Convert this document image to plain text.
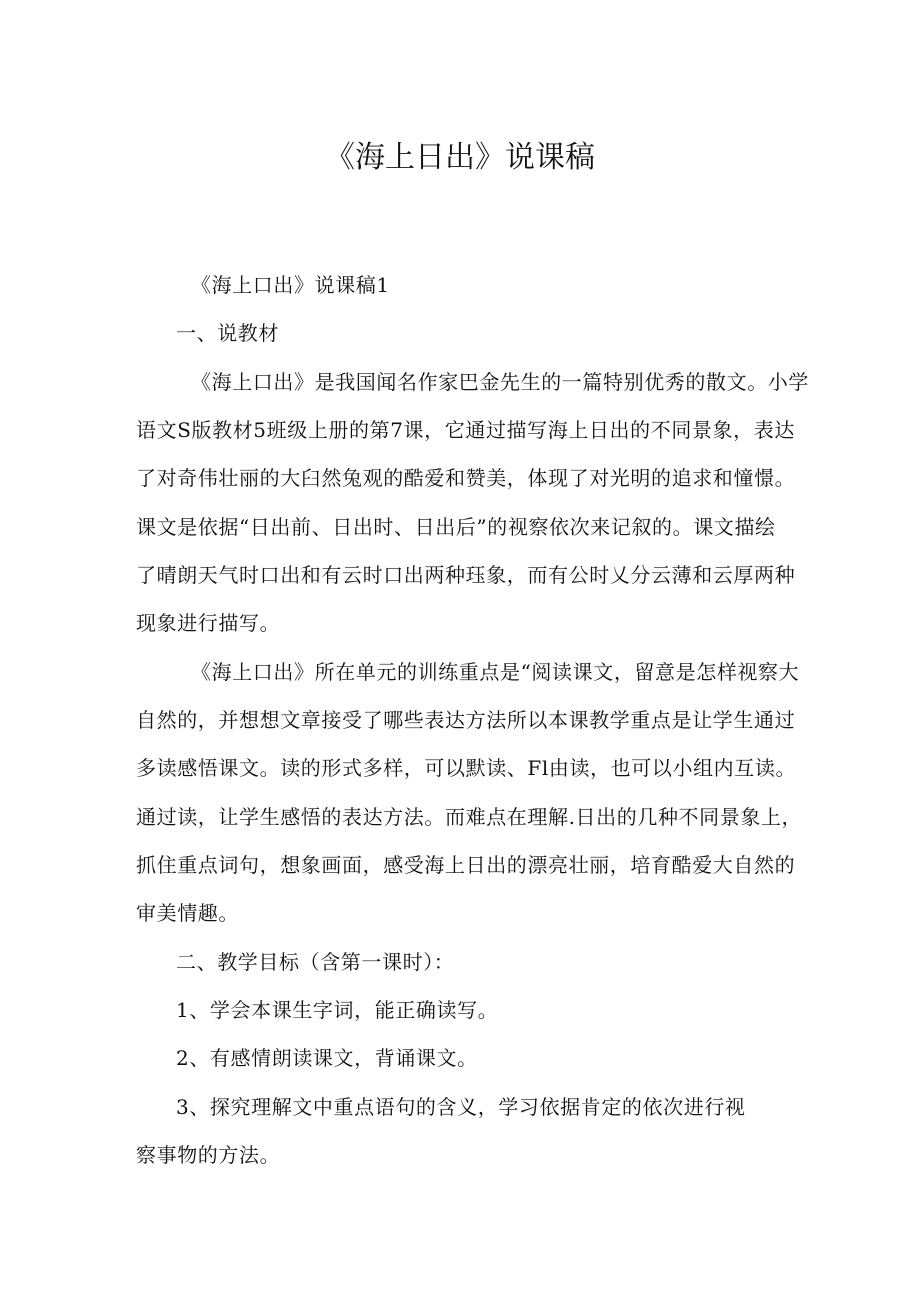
《海上日出》说课稿
《海上口出》说课稿1
一、说教材
《海上口出》是我国闻名作家巴金先生的一篇特别优秀的散文。小学
语文S版教材5班级上册的第7课，它通过描写海上日出的不同景象，表达
了对奇伟壮丽的大臼然兔观的酷爱和赞美，体现了对光明的追求和憧憬。
课文是依据“日出前、日出时、日出后”的视察依次来记叙的。课文描绘
了晴朗天气时口出和有云时口出两种珏象，而有公时乂分云薄和云厚两种
现象进行描写。
《海上口出》所在单元的训练重点是“阅读课文，留意是怎样视察大
自然的，并想想文章接受了哪些表达方法所以本课教学重点是让学生通过
多读感悟课文。读的形式多样，可以默读、Fl由读，也可以小组内互读。
通过读，让学生感悟的表达方法。而难点在理解.日出的几种不同景象上，
抓住重点词句，想象画面，感受海上日出的漂亮壮丽，培育酷爱大自然的
审美情趣。
二、教学目标（含第一课时）：
1、学会本课生字词，能正确读写。
2、有感情朗读课文，背诵课文。
3、探究理解文中重点语句的含义，学习依据肯定的依次进行视
察事物的方法。
